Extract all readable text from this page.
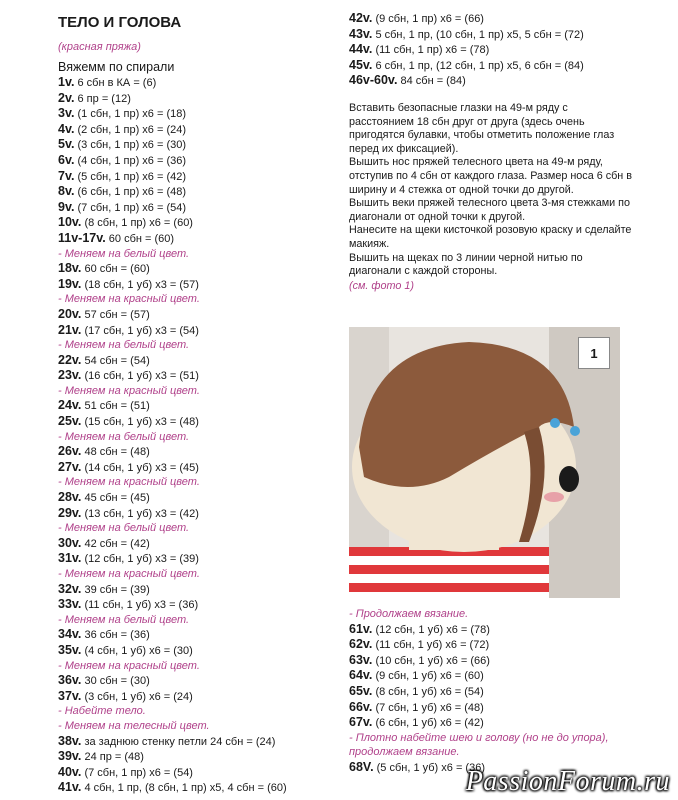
ТЕЛО И ГОЛОВА
(красная пряжа)
Вяжемм по спирали
1v. 6 сбн в КА = (6)
2v. 6 пр = (12)
3v. (1 сбн, 1 пр) х6 = (18)
4v. (2 сбн, 1 пр) х6 = (24)
5v. (3 сбн, 1 пр) х6 = (30)
6v. (4 сбн, 1 пр) х6 = (36)
7v. (5 сбн, 1 пр) х6 = (42)
8v. (6 сбн, 1 пр) х6 = (48)
9v. (7 сбн, 1 пр) х6 = (54)
10v. (8 сбн, 1 пр) х6 = (60)
11v-17v. 60 сбн = (60)
- Меняем на белый цвет.
18v. 60 сбн = (60)
19v. (18 сбн, 1 уб) х3 = (57)
- Меняем на красный цвет.
20v. 57 сбн = (57)
21v. (17 сбн, 1 уб) х3 = (54)
- Меняем на белый цвет.
22v. 54 сбн = (54)
23v. (16 сбн, 1 уб) х3 = (51)
- Меняем на красный цвет.
24v. 51 сбн = (51)
25v. (15 сбн, 1 уб) х3 = (48)
- Меняем на белый цвет.
26v. 48 сбн = (48)
27v. (14 сбн, 1 уб) х3 = (45)
- Меняем на красный цвет.
28v. 45 сбн = (45)
29v. (13 сбн, 1 уб) х3 = (42)
- Меняем на белый цвет.
30v. 42 сбн = (42)
31v. (12 сбн, 1 уб) х3 = (39)
- Меняем на красный цвет.
32v. 39 сбн = (39)
33v. (11 сбн, 1 уб) х3 = (36)
- Меняем на белый цвет.
34v. 36 сбн = (36)
35v. (4 сбн, 1 уб) х6 = (30)
- Меняем на красный цвет.
36v. 30 сбн = (30)
37v. (3 сбн, 1 уб) х6 = (24)
- Набейте тело.
- Меняем на телесный цвет.
38v. за заднюю стенку петли 24 сбн = (24)
39v. 24 пр = (48)
40v. (7 сбн, 1 пр) х6 = (54)
41v. 4 сбн, 1 пр, (8 сбн, 1 пр) х5, 4 сбн = (60)
42v. (9 сбн, 1 пр) х6 = (66)
43v. 5 сбн, 1 пр, (10 сбн, 1 пр) х5, 5 сбн = (72)
44v. (11 сбн, 1 пр) х6 = (78)
45v. 6 сбн, 1 пр, (12 сбн, 1 пр) х5, 6 сбн = (84)
46v-60v. 84 сбн = (84)
Вставить безопасные глазки на 49-м ряду с расстоянием 18 сбн друг от друга (здесь очень пригодятся булавки, чтобы отметить положение глаз перед их фиксацией).
Вышить нос пряжей телесного цвета на 49-м ряду, отступив по 4 сбн от каждого глаза. Размер носа 6 сбн в ширину и 4 стежка от одной точки до другой.
Вышить веки пряжей телесного цвета 3-мя стежками по диагонали от одной точки к другой.
Нанесите на щеки кисточкой розовую краску и сделайте макияж.
Вышить на щеках по 3 линии черной нитью по диагонали с каждой стороны.
(см. фото 1)
1
- Продолжаем вязание.
61v. (12 сбн, 1 уб) х6 = (78)
62v. (11 сбн, 1 уб) х6 = (72)
63v. (10 сбн, 1 уб) х6 = (66)
64v. (9 сбн, 1 уб) х6 = (60)
65v. (8 сбн, 1 уб) х6 = (54)
66v. (7 сбн, 1 уб) х6 = (48)
67v. (6 сбн, 1 уб) х6 = (42)
- Плотно набейте шею и голову (но не до упора), продолжаем вязание.
68V. (5 сбн, 1 уб) х6 = (36)
PassionForum.ru
